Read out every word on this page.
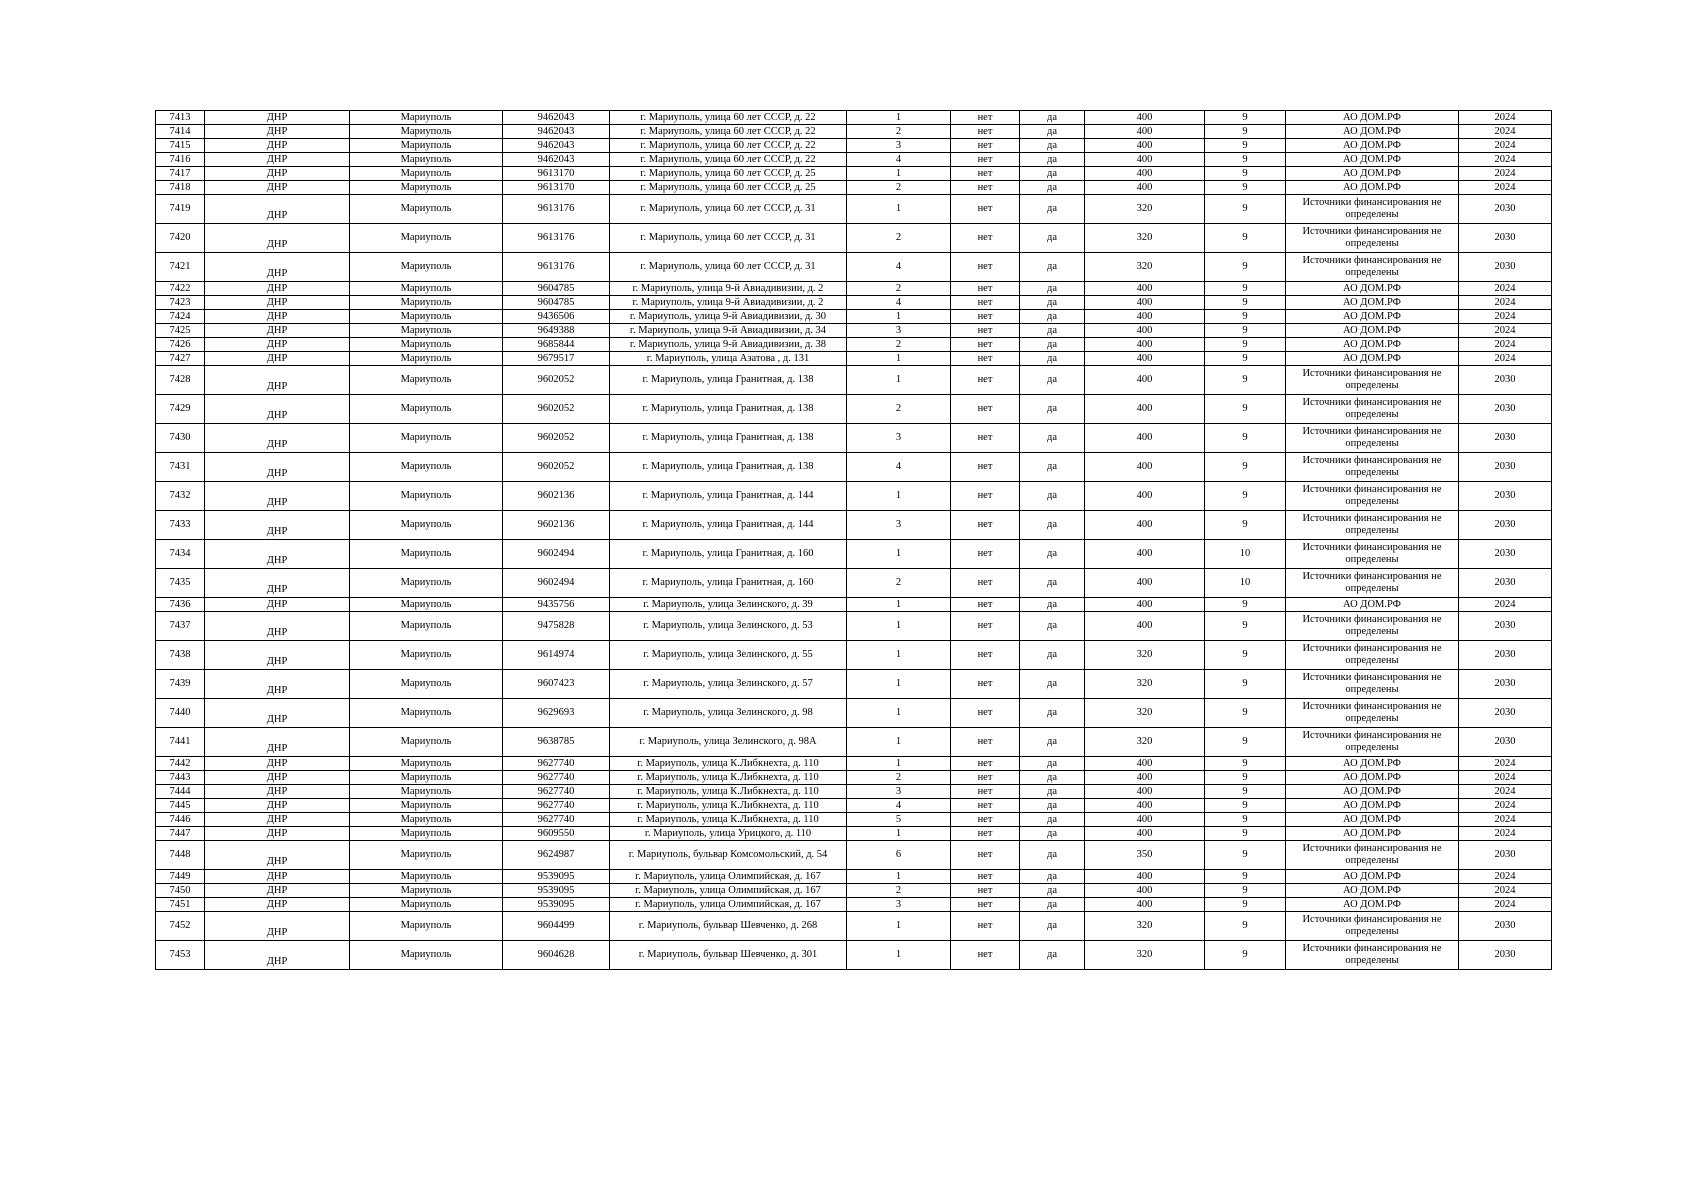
7413	ДНР	Мариуполь	9462043	г. Мариуполь, улица 60 лет СССР, д. 22	1	нет	да	400	9	АО ДОМ.РФ	2024
7414	ДНР	Мариуполь	9462043	г. Мариуполь, улица 60 лет СССР, д. 22	2	нет	да	400	9	АО ДОМ.РФ	2024
7415	ДНР	Мариуполь	9462043	г. Мариуполь, улица 60 лет СССР, д. 22	3	нет	да	400	9	АО ДОМ.РФ	2024
7416	ДНР	Мариуполь	9462043	г. Мариуполь, улица 60 лет СССР, д. 22	4	нет	да	400	9	АО ДОМ.РФ	2024
7417	ДНР	Мариуполь	9613170	г. Мариуполь, улица 60 лет СССР, д. 25	1	нет	да	400	9	АО ДОМ.РФ	2024
7418	ДНР	Мариуполь	9613170	г. Мариуполь, улица 60 лет СССР, д. 25	2	нет	да	400	9	АО ДОМ.РФ	2024
7419	ДНР	Мариуполь	9613176	г. Мариуполь, улица 60 лет СССР, д. 31	1	нет	да	320	9	Источники финансирования не определены	2030
7420	ДНР	Мариуполь	9613176	г. Мариуполь, улица 60 лет СССР, д. 31	2	нет	да	320	9	Источники финансирования не определены	2030
7421	ДНР	Мариуполь	9613176	г. Мариуполь, улица 60 лет СССР, д. 31	4	нет	да	320	9	Источники финансирования не определены	2030
7422	ДНР	Мариуполь	9604785	г. Мариуполь, улица 9-й Авиадивизии, д. 2	2	нет	да	400	9	АО ДОМ.РФ	2024
7423	ДНР	Мариуполь	9604785	г. Мариуполь, улица 9-й Авиадивизии, д. 2	4	нет	да	400	9	АО ДОМ.РФ	2024
7424	ДНР	Мариуполь	9436506	г. Мариуполь, улица 9-й Авиадивизии, д. 30	1	нет	да	400	9	АО ДОМ.РФ	2024
7425	ДНР	Мариуполь	9649388	г. Мариуполь, улица 9-й Авиадивизии, д. 34	3	нет	да	400	9	АО ДОМ.РФ	2024
7426	ДНР	Мариуполь	9685844	г. Мариуполь, улица 9-й Авиадивизии, д. 38	2	нет	да	400	9	АО ДОМ.РФ	2024
7427	ДНР	Мариуполь	9679517	г. Мариуполь, улица Азатова , д. 131	1	нет	да	400	9	АО ДОМ.РФ	2024
7428	ДНР	Мариуполь	9602052	г. Мариуполь, улица Гранитная, д. 138	1	нет	да	400	9	Источники финансирования не определены	2030
7429	ДНР	Мариуполь	9602052	г. Мариуполь, улица Гранитная, д. 138	2	нет	да	400	9	Источники финансирования не определены	2030
7430	ДНР	Мариуполь	9602052	г. Мариуполь, улица Гранитная, д. 138	3	нет	да	400	9	Источники финансирования не определены	2030
7431	ДНР	Мариуполь	9602052	г. Мариуполь, улица Гранитная, д. 138	4	нет	да	400	9	Источники финансирования не определены	2030
7432	ДНР	Мариуполь	9602136	г. Мариуполь, улица Гранитная, д. 144	1	нет	да	400	9	Источники финансирования не определены	2030
7433	ДНР	Мариуполь	9602136	г. Мариуполь, улица Гранитная, д. 144	3	нет	да	400	9	Источники финансирования не определены	2030
7434	ДНР	Мариуполь	9602494	г. Мариуполь, улица Гранитная, д. 160	1	нет	да	400	10	Источники финансирования не определены	2030
7435	ДНР	Мариуполь	9602494	г. Мариуполь, улица Гранитная, д. 160	2	нет	да	400	10	Источники финансирования не определены	2030
7436	ДНР	Мариуполь	9435756	г. Мариуполь, улица Зелинского, д. 39	1	нет	да	400	9	АО ДОМ.РФ	2024
7437	ДНР	Мариуполь	9475828	г. Мариуполь, улица Зелинского, д. 53	1	нет	да	400	9	Источники финансирования не определены	2030
7438	ДНР	Мариуполь	9614974	г. Мариуполь, улица Зелинского, д. 55	1	нет	да	320	9	Источники финансирования не определены	2030
7439	ДНР	Мариуполь	9607423	г. Мариуполь, улица Зелинского, д. 57	1	нет	да	320	9	Источники финансирования не определены	2030
7440	ДНР	Мариуполь	9629693	г. Мариуполь, улица Зелинского, д. 98	1	нет	да	320	9	Источники финансирования не определены	2030
7441	ДНР	Мариуполь	9638785	г. Мариуполь, улица Зелинского, д. 98А	1	нет	да	320	9	Источники финансирования не определены	2030
7442	ДНР	Мариуполь	9627740	г. Мариуполь, улица К.Либкнехта, д. 110	1	нет	да	400	9	АО ДОМ.РФ	2024
7443	ДНР	Мариуполь	9627740	г. Мариуполь, улица К.Либкнехта, д. 110	2	нет	да	400	9	АО ДОМ.РФ	2024
7444	ДНР	Мариуполь	9627740	г. Мариуполь, улица К.Либкнехта, д. 110	3	нет	да	400	9	АО ДОМ.РФ	2024
7445	ДНР	Мариуполь	9627740	г. Мариуполь, улица К.Либкнехта, д. 110	4	нет	да	400	9	АО ДОМ.РФ	2024
7446	ДНР	Мариуполь	9627740	г. Мариуполь, улица К.Либкнехта, д. 110	5	нет	да	400	9	АО ДОМ.РФ	2024
7447	ДНР	Мариуполь	9609550	г. Мариуполь, улица Урицкого, д. 110	1	нет	да	400	9	АО ДОМ.РФ	2024
7448	ДНР	Мариуполь	9624987	г. Мариуполь, бульвар Комсомольский, д. 54	6	нет	да	350	9	Источники финансирования не определены	2030
7449	ДНР	Мариуполь	9539095	г. Мариуполь, улица Олимпийская, д. 167	1	нет	да	400	9	АО ДОМ.РФ	2024
7450	ДНР	Мариуполь	9539095	г. Мариуполь, улица Олимпийская, д. 167	2	нет	да	400	9	АО ДОМ.РФ	2024
7451	ДНР	Мариуполь	9539095	г. Мариуполь, улица Олимпийская, д. 167	3	нет	да	400	9	АО ДОМ.РФ	2024
7452	ДНР	Мариуполь	9604499	г. Мариуполь, бульвар Шевченко, д. 268	1	нет	да	320	9	Источники финансирования не определены	2030
7453	ДНР	Мариуполь	9604628	г. Мариуполь, бульвар Шевченко, д. 301	1	нет	да	320	9	Источники финансирования не определены	2030
